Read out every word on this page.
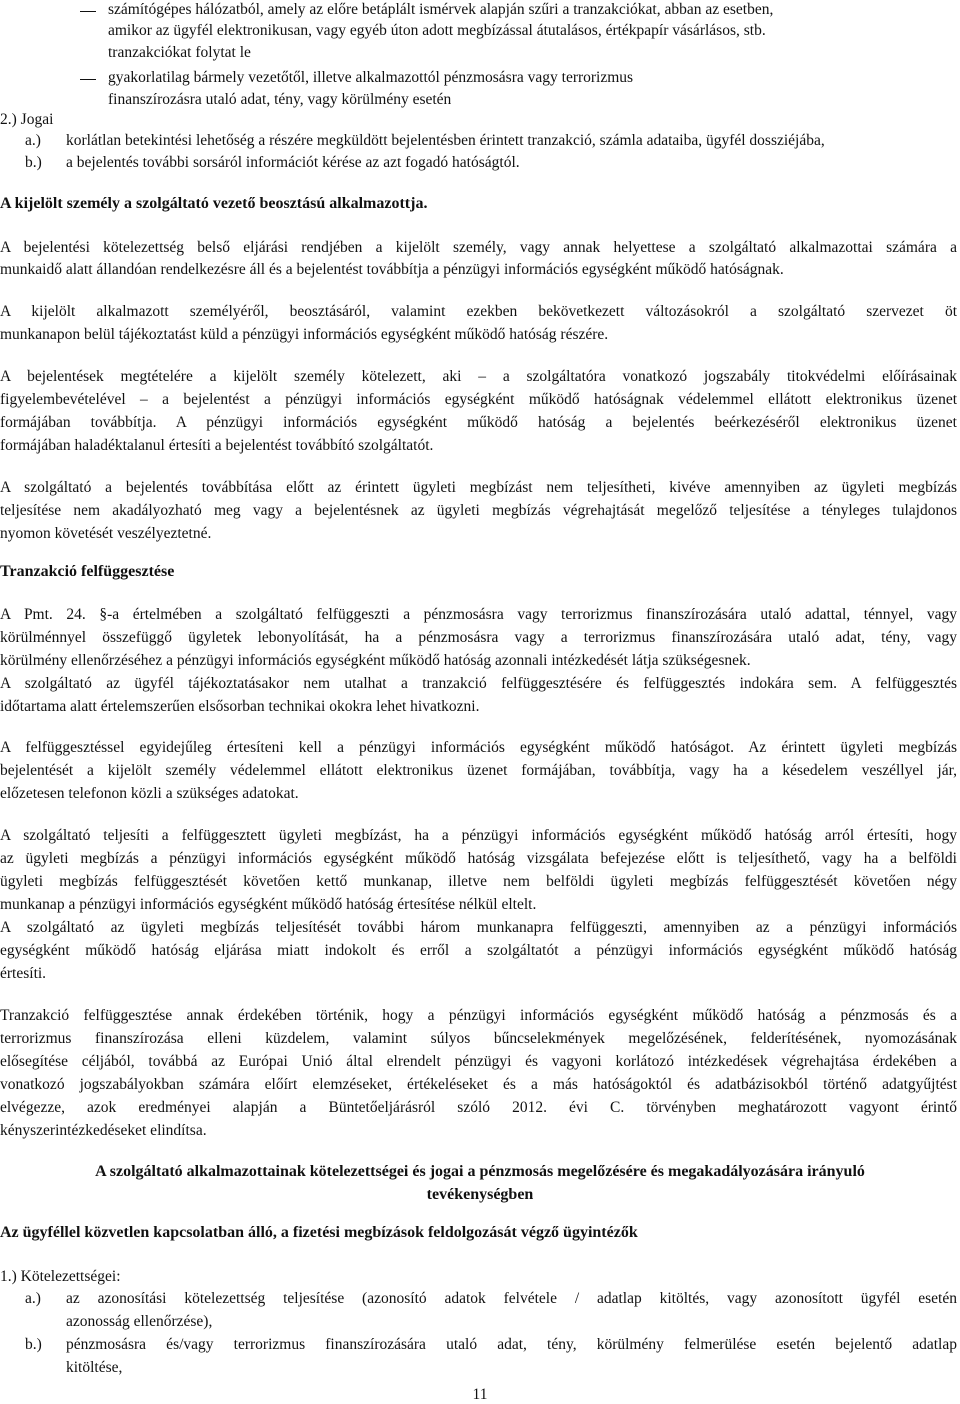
számítógépes hálózatból, amely az előre betáplált ismérvek alapján szűri a tranzakciókat, abban az esetben,
amikor az ügyfél elektronikusan, vagy egyéb úton adott megbízással átutalásos, értékpapír vásárlásos, stb.
tranzakciókat folytat le
gyakorlatilag bármely vezetőtől, illetve alkalmazottól pénzmosásra vagy terrorizmus
finanszírozásra utaló adat, tény, vagy körülmény esetén
2.) Jogai
a.) korlátlan betekintési lehetőség a részére megküldött bejelentésben érintett tranzakció, számla adataiba, ügyfél dossziéjába,
b.) a bejelentés további sorsáról információt kérése az azt fogadó hatóságtól.
A kijelölt személy a szolgáltató vezető beosztású alkalmazottja.
A bejelentési kötelezettség belső eljárási rendjében a kijelölt személy, vagy annak helyettese a szolgáltató alkalmazottai számára a
munkaidő alatt állandóan rendelkezésre áll és a bejelentést továbbítja a pénzügyi információs egységként működő hatóságnak.
A kijelölt alkalmazott személyéről, beosztásáról, valamint ezekben bekövetkezett változásokról a szolgáltató szervezet öt
munkanapon belül tájékoztatást küld a pénzügyi információs egységként működő hatóság részére.
A bejelentések megtételére a kijelölt személy kötelezett, aki – a szolgáltatóra vonatkozó jogszabály titokvédelmi előírásainak
figyelembevételével – a bejelentést a pénzügyi információs egységként működő hatóságnak védelemmel ellátott elektronikus üzenet
formájában továbbítja. A pénzügyi információs egységként működő hatóság a bejelentés beérkezéséről elektronikus üzenet
formájában haladéktalanul értesíti a bejelentést továbbító szolgáltatót.
A szolgáltató a bejelentés továbbítása előtt az érintett ügyleti megbízást nem teljesítheti, kivéve amennyiben az ügyleti megbízás
teljesítése nem akadályozható meg vagy a bejelentésnek az ügyleti megbízás végrehajtását megelőző teljesítése a tényleges tulajdonos
nyomon követését veszélyeztetné.
Tranzakció felfüggesztése
A Pmt. 24. §-a értelmében a szolgáltató felfüggeszti a pénzmosásra vagy terrorizmus finanszírozására utaló adattal, ténnyel, vagy
körülménnyel összefüggő ügyletek lebonyolítását, ha a pénzmosásra vagy a terrorizmus finanszírozására utaló adat, tény, vagy
körülmény ellenőrzéséhez a pénzügyi információs egységként működő hatóság azonnali intézkedését látja szükségesnek.
A szolgáltató az ügyfél tájékoztatásakor nem utalhat a tranzakció felfüggesztésére és felfüggesztés indokára sem. A felfüggesztés
időtartama alatt értelemszerűen elsősorban technikai okokra lehet hivatkozni.
A felfüggesztéssel egyidejűleg értesíteni kell a pénzügyi információs egységként működő hatóságot. Az érintett ügyleti megbízás
bejelentését a kijelölt személy védelemmel ellátott elektronikus üzenet formájában, továbbítja, vagy ha a késedelem veszéllyel jár,
előzetesen telefonon közli a szükséges adatokat.
A szolgáltató teljesíti a felfüggesztett ügyleti megbízást, ha a pénzügyi információs egységként működő hatóság arról értesíti, hogy
az ügyleti megbízás a pénzügyi információs egységként működő hatóság vizsgálata befejezése előtt is teljesíthető, vagy ha a belföldi
ügyleti megbízás felfüggesztését követően kettő munkanap, illetve nem belföldi ügyleti megbízás felfüggesztését követően négy
munkanap a pénzügyi információs egységként működő hatóság értesítése nélkül eltelt.
A szolgáltató az ügyleti megbízás teljesítését további három munkanapra felfüggeszti, amennyiben az a pénzügyi információs
egységként működő hatóság eljárása miatt indokolt és erről a szolgáltatót a pénzügyi információs egységként működő hatóság
értesíti.
Tranzakció felfüggesztése annak érdekében történik, hogy a pénzügyi információs egységként működő hatóság a pénzmosás és a
terrorizmus finanszírozása elleni küzdelem, valamint súlyos bűncselekmények megelőzésének, felderítésének, nyomozásának
elősegítése céljából, továbbá az Európai Unió által elrendelt pénzügyi és vagyoni korlátozó intézkedések végrehajtása érdekében a
vonatkozó jogszabályokban számára előírt elemzéseket, értékeléseket és a más hatóságoktól és adatbázisokból történő adatgyűjtést
elvégezze, azok eredményei alapján a Büntetőeljárásról szóló 2012. évi C. törvényben meghatározott vagyont érintő
kényszerintézkedéseket elindítsa.
A szolgáltató alkalmazottainak kötelezettségei és jogai a pénzmosás megelőzésére és megakadályozására irányuló
tevékenységben
Az ügyféllel közvetlen kapcsolatban álló, a fizetési megbízások feldolgozását végző ügyintézők
1.) Kötelezettségei:
a.) az azonosítási kötelezettség teljesítése (azonosító adatok felvétele / adatlap kitöltés, vagy azonosított ügyfél esetén
azonosság ellenőrzése),
b.) pénzmosásra és/vagy terrorizmus finanszírozására utaló adat, tény, körülmény felmerülése esetén bejelentő adatlap
kitöltése,
11
